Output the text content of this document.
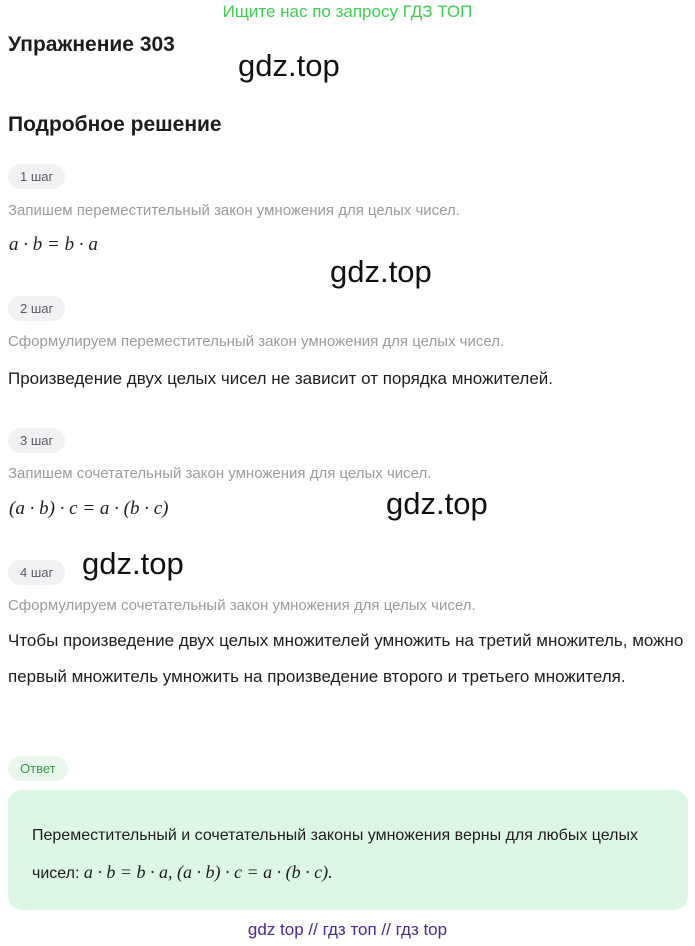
Ищите нас по запросу ГДЗ ТОП
Упражнение 303
gdz.top
Подробное решение
1 шаг
Запишем переместительный закон умножения для целых чисел.
a · b = b · a
gdz.top
2 шаг
Сформулируем переместительный закон умножения для целых чисел.
Произведение двух целых чисел не зависит от порядка множителей.
3 шаг
Запишем сочетательный закон умножения для целых чисел.
(a · b) · c = a · (b · c)	gdz.top
4 шаг gdz.top
Сформулируем сочетательный закон умножения для целых чисел.
Чтобы произведение двух целых множителей умножить на третий множитель, можно первый множитель умножить на произведение второго и третьего множителя.
Ответ
Переместительный и сочетательный законы умножения верны для любых целых чисел: a · b = b · a, (a · b) · c = a · (b · c).
gdz top // гдз топ // гдз top
